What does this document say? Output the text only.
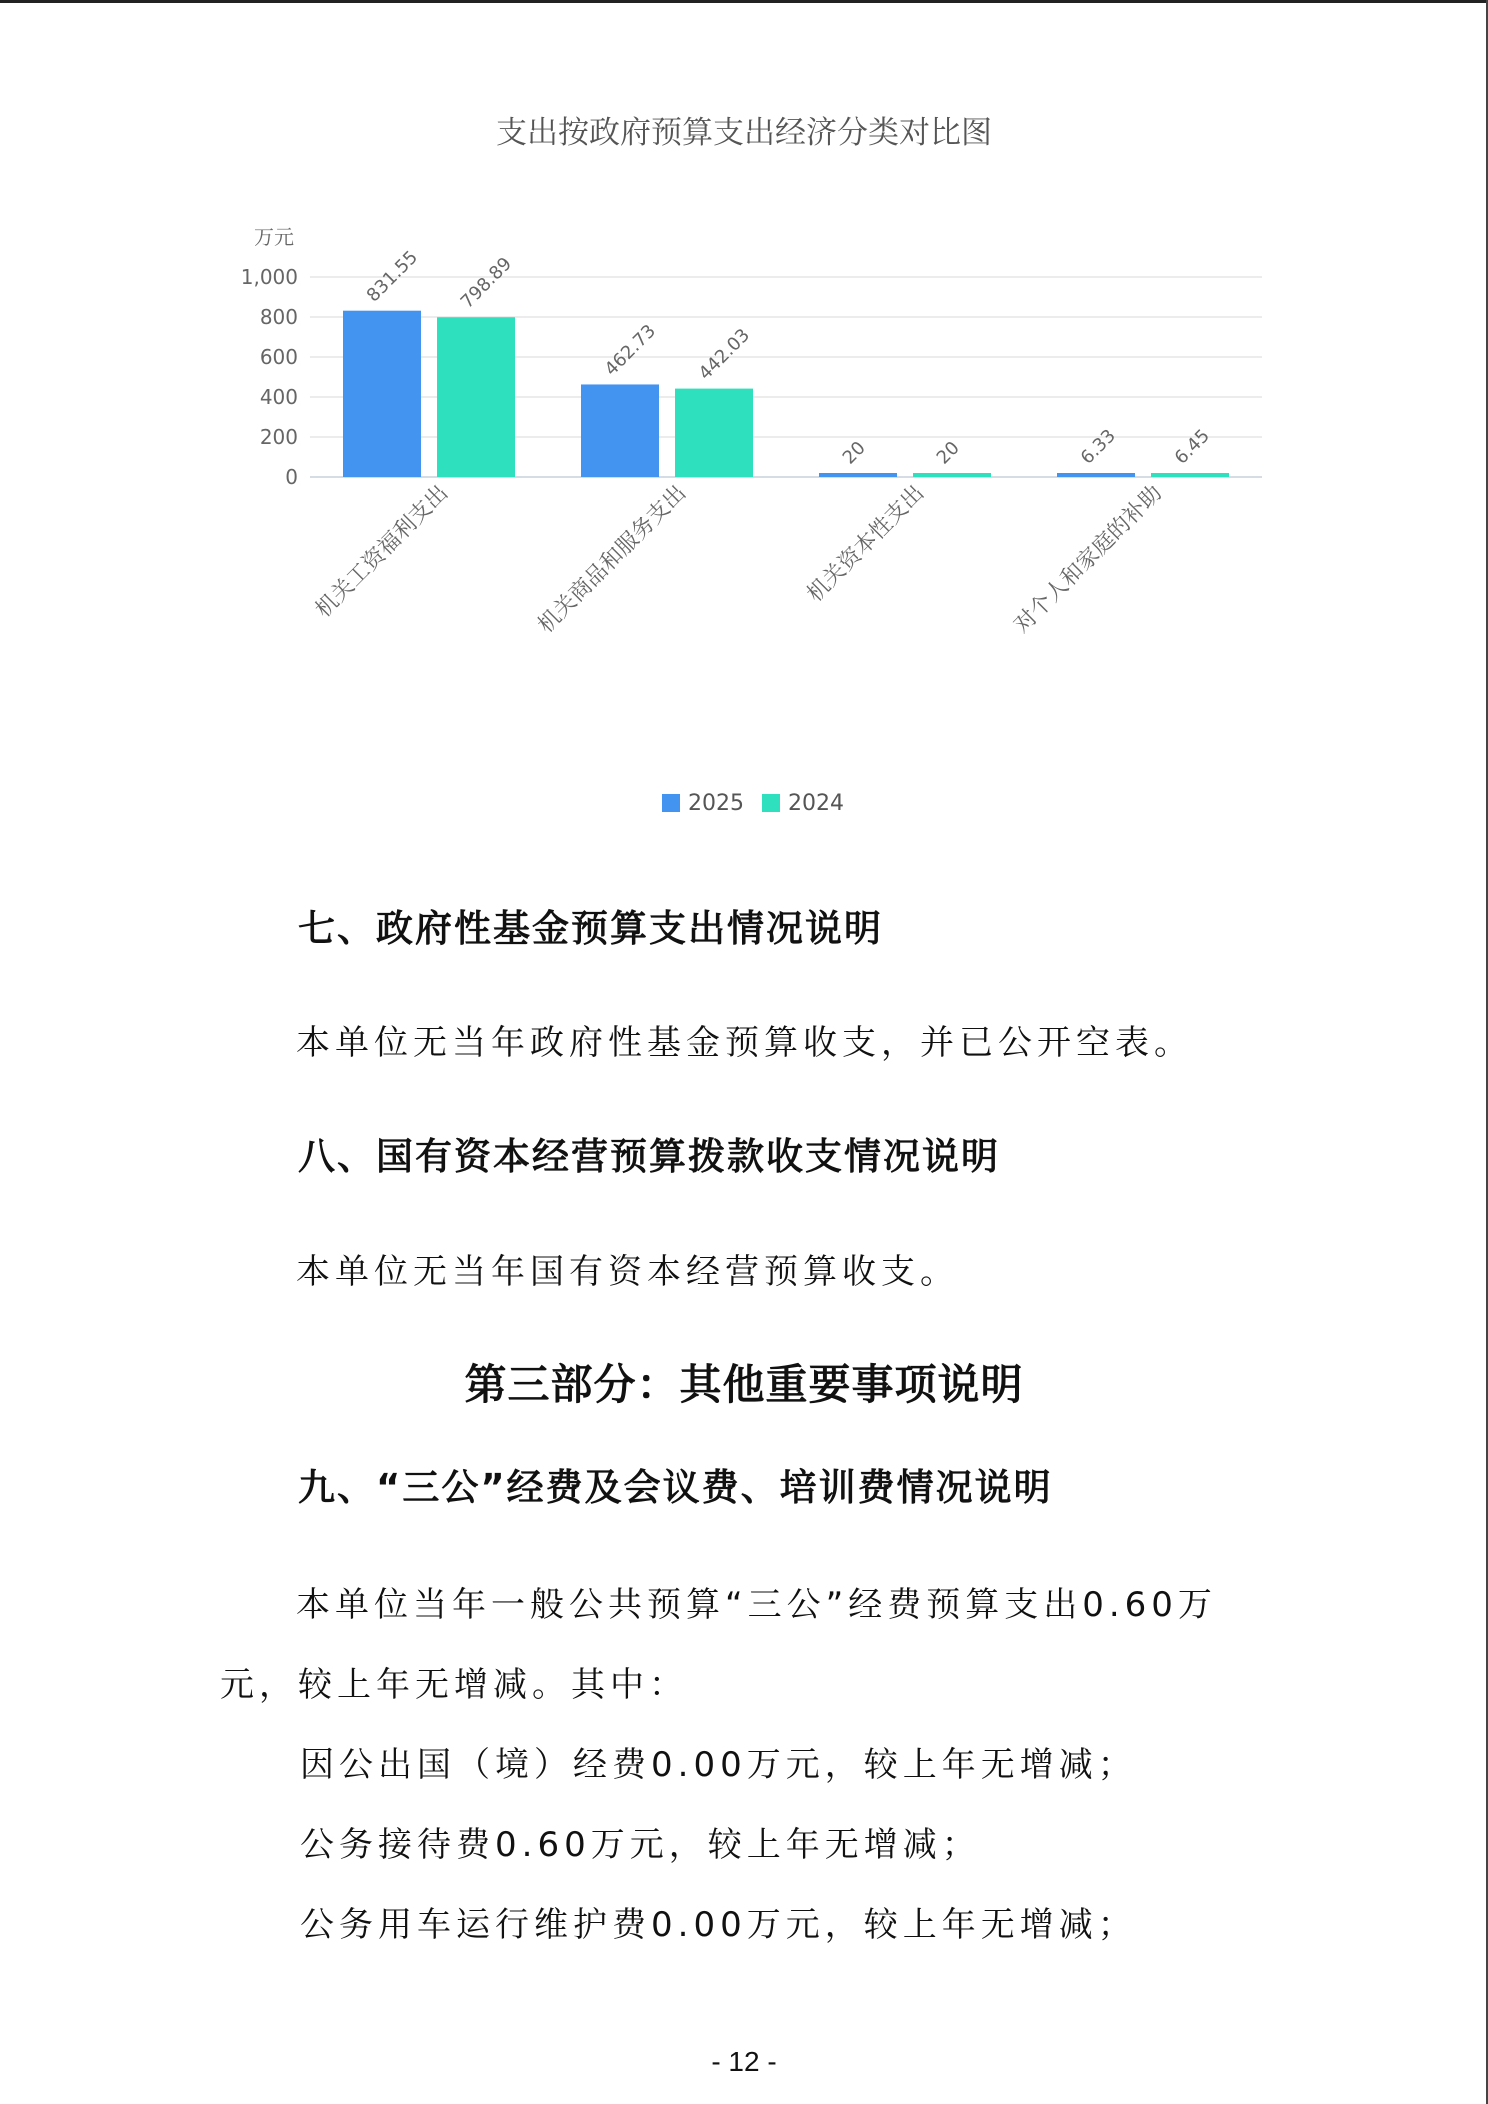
支出按政府预算支出经济分类对比图
万元
0
200
400
600
800
1,000	831.55 798.89
462.73 442.03
20	20	6.33	6.45
机关工资福利支出	机关商品和服务支出	机关资本性支出	对个人和家庭的补助
2025 2024
七、政府性基金预算支出情况说明
本单位无当年政府性基金预算收支，并已公开空表。
八、国有资本经营预算拨款收支情况说明
本单位无当年国有资本经营预算收支。
第三部分：其他重要事项说明
九、“三公”经费及会议费、培训费情况说明
本单位当年一般公共预算“三公”经费预算支出0.60万
元，较上年无增减。其中：
因公出国（境）经费0.00万元，较上年无增减；
公务接待费0.60万元，较上年无增减；
公务用车运行维护费0.00万元，较上年无增减；
- 12 -
